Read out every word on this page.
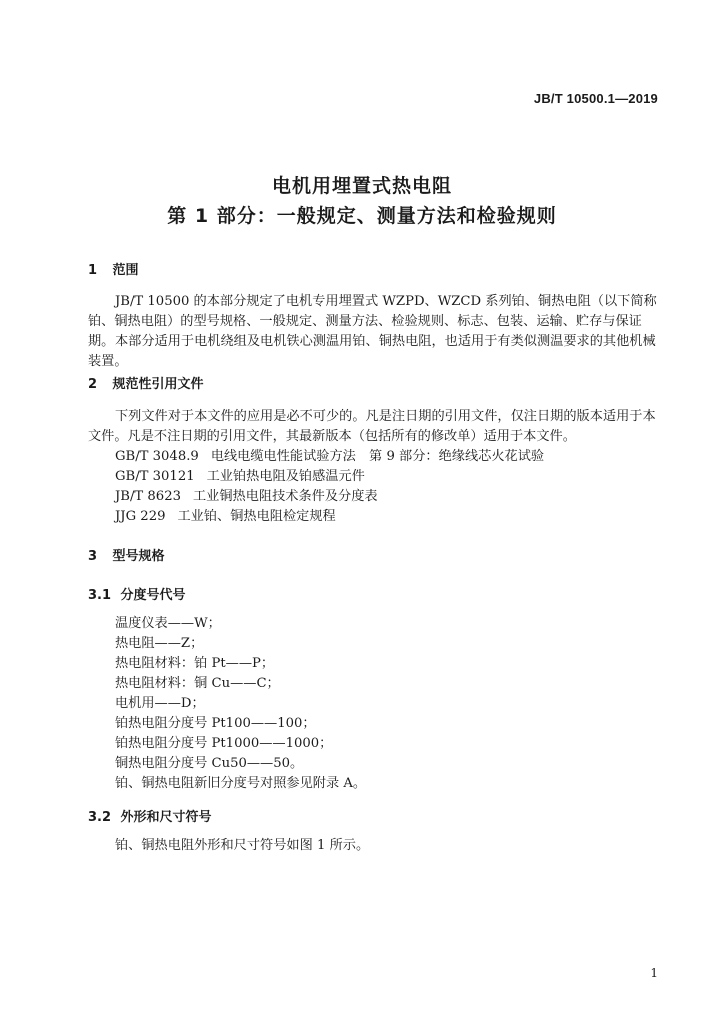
JB/T 10500.1—2019
电机用埋置式热电阻
第 1 部分：一般规定、测量方法和检验规则
1 范围
JB/T 10500 的本部分规定了电机专用埋置式 WZPD、WZCD 系列铂、铜热电阻（以下简称铂、铜热电阻）的型号规格、一般规定、测量方法、检验规则、标志、包装、运输、贮存与保证期。 本部分适用于电机绕组及电机铁心测温用铂、铜热电阻，也适用于有类似测温要求的其他机械装置。
2 规范性引用文件
下列文件对于本文件的应用是必不可少的。凡是注日期的引用文件，仅注日期的版本适用于本文件。凡是不注日期的引用文件，其最新版本（包括所有的修改单）适用于本文件。
GB/T 3048.9 电线电缆电性能试验方法　第 9 部分：绝缘线芯火花试验
GB/T 30121 工业铂热电阻及铂感温元件
JB/T 8623 工业铜热电阻技术条件及分度表
JJG 229 工业铂、铜热电阻检定规程
3 型号规格
3.1 分度号代号
温度仪表——W；
热电阻——Z；
热电阻材料：铂 Pt——P；
热电阻材料：铜 Cu——C；
电机用——D；
铂热电阻分度号 Pt100——100；
铂热电阻分度号 Pt1000——1000；
铜热电阻分度号 Cu50——50。
铂、铜热电阻新旧分度号对照参见附录 A。
3.2 外形和尺寸符号
铂、铜热电阻外形和尺寸符号如图 1 所示。
1
